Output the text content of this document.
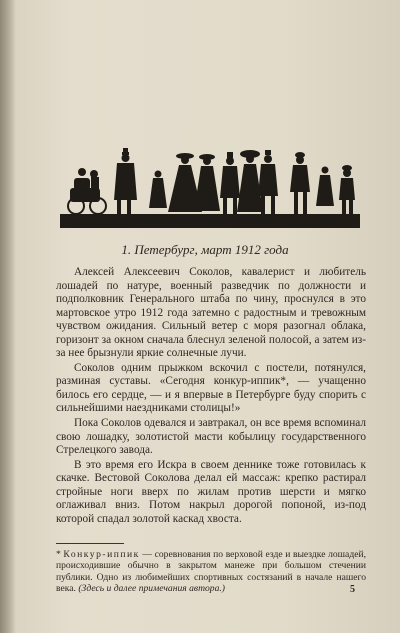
1. Петербург, март 1912 года

Алексей Алексеевич Соколов, кавалерист и любитель лошадей по натуре, военный разведчик по должности и подполковник Генерального штаба по чину, проснулся в это мартовское утро 1912 года затемно с радостным и тревожным чувством ожидания. Сильный ветер с моря разогнал облака, горизонт за окном сначала блеснул зеленой полосой, а затем из-за нее брызнули яркие солнечные лучи.

Соколов одним прыжком вскочил с постели, потянулся, разминая суставы. «Сегодня конкур-иппик*, — учащенно билось его сердце, — и я впервые в Петербурге буду спорить с сильнейшими наездниками столицы!»

Пока Соколов одевался и завтракал, он все время вспоминал свою лошадку, золотистой масти кобылицу государственного Стрелецкого завода.

В это время его Искра в своем деннике тоже готовилась к скачке. Вестовой Соколова делал ей массаж: крепко растирал стройные ноги вверх по жилам против шерсти и мягко оглаживал вниз. Потом накрыл дорогой попоной, из-под которой спадал золотой каскад хвоста.

* Конкур-иппик — соревнования по верховой езде и выездке лошадей, происходившие обычно в закрытом манеже при большом стечении публики. Одно из любимейших спортивных состязаний в начале нашего века. (Здесь и далее примечания автора.)	5
